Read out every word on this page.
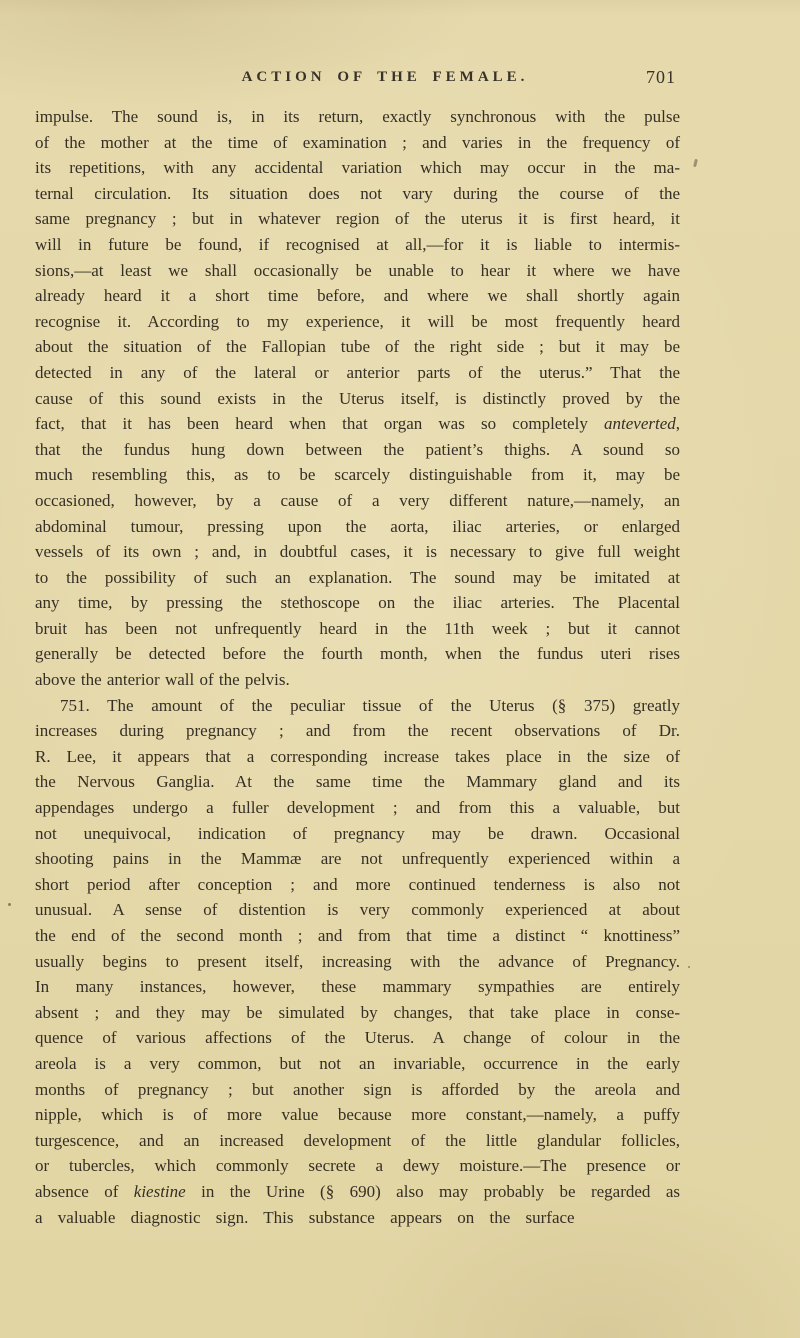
ACTION OF THE FEMALE.	701
impulse. The sound is, in its return, exactly synchronous with the pulse
of the mother at the time of examination ; and varies in the frequency of
its repetitions, with any accidental variation which may occur in the ma-
ternal circulation. Its situation does not vary during the course of the
same pregnancy ; but in whatever region of the uterus it is first heard, it
will in future be found, if recognised at all,—for it is liable to intermis-
sions,—at least we shall occasionally be unable to hear it where we have
already heard it a short time before, and where we shall shortly again
recognise it. According to my experience, it will be most frequently heard
about the situation of the Fallopian tube of the right side ; but it may be
detected in any of the lateral or anterior parts of the uterus.” That the
cause of this sound exists in the Uterus itself, is distinctly proved by the
fact, that it has been heard when that organ was so completely anteverted,
that the fundus hung down between the patient’s thighs. A sound so
much resembling this, as to be scarcely distinguishable from it, may be
occasioned, however, by a cause of a very different nature,—namely, an
abdominal tumour, pressing upon the aorta, iliac arteries, or enlarged
vessels of its own ; and, in doubtful cases, it is necessary to give full weight
to the possibility of such an explanation. The sound may be imitated at
any time, by pressing the stethoscope on the iliac arteries. The Placental
bruit has been not unfrequently heard in the 11th week ; but it cannot
generally be detected before the fourth month, when the fundus uteri rises
above the anterior wall of the pelvis.
751. The amount of the peculiar tissue of the Uterus (§ 375) greatly
increases during pregnancy ; and from the recent observations of Dr.
R. Lee, it appears that a corresponding increase takes place in the size of
the Nervous Ganglia. At the same time the Mammary gland and its
appendages undergo a fuller development ; and from this a valuable, but
not unequivocal, indication of pregnancy may be drawn. Occasional
shooting pains in the Mammæ are not unfrequently experienced within a
short period after conception ; and more continued tenderness is also not
unusual. A sense of distention is very commonly experienced at about
the end of the second month ; and from that time a distinct “ knottiness”
usually begins to present itself, increasing with the advance of Pregnancy.
In many instances, however, these mammary sympathies are entirely
absent ; and they may be simulated by changes, that take place in conse-
quence of various affections of the Uterus. A change of colour in the
areola is a very common, but not an invariable, occurrence in the early
months of pregnancy ; but another sign is afforded by the areola and
nipple, which is of more value because more constant,—namely, a puffy
turgescence, and an increased development of the little glandular follicles,
or tubercles, which commonly secrete a dewy moisture.—The presence or
absence of kiestine in the Urine (§ 690) also may probably be regarded as
a valuable diagnostic sign. This substance appears on the surface
